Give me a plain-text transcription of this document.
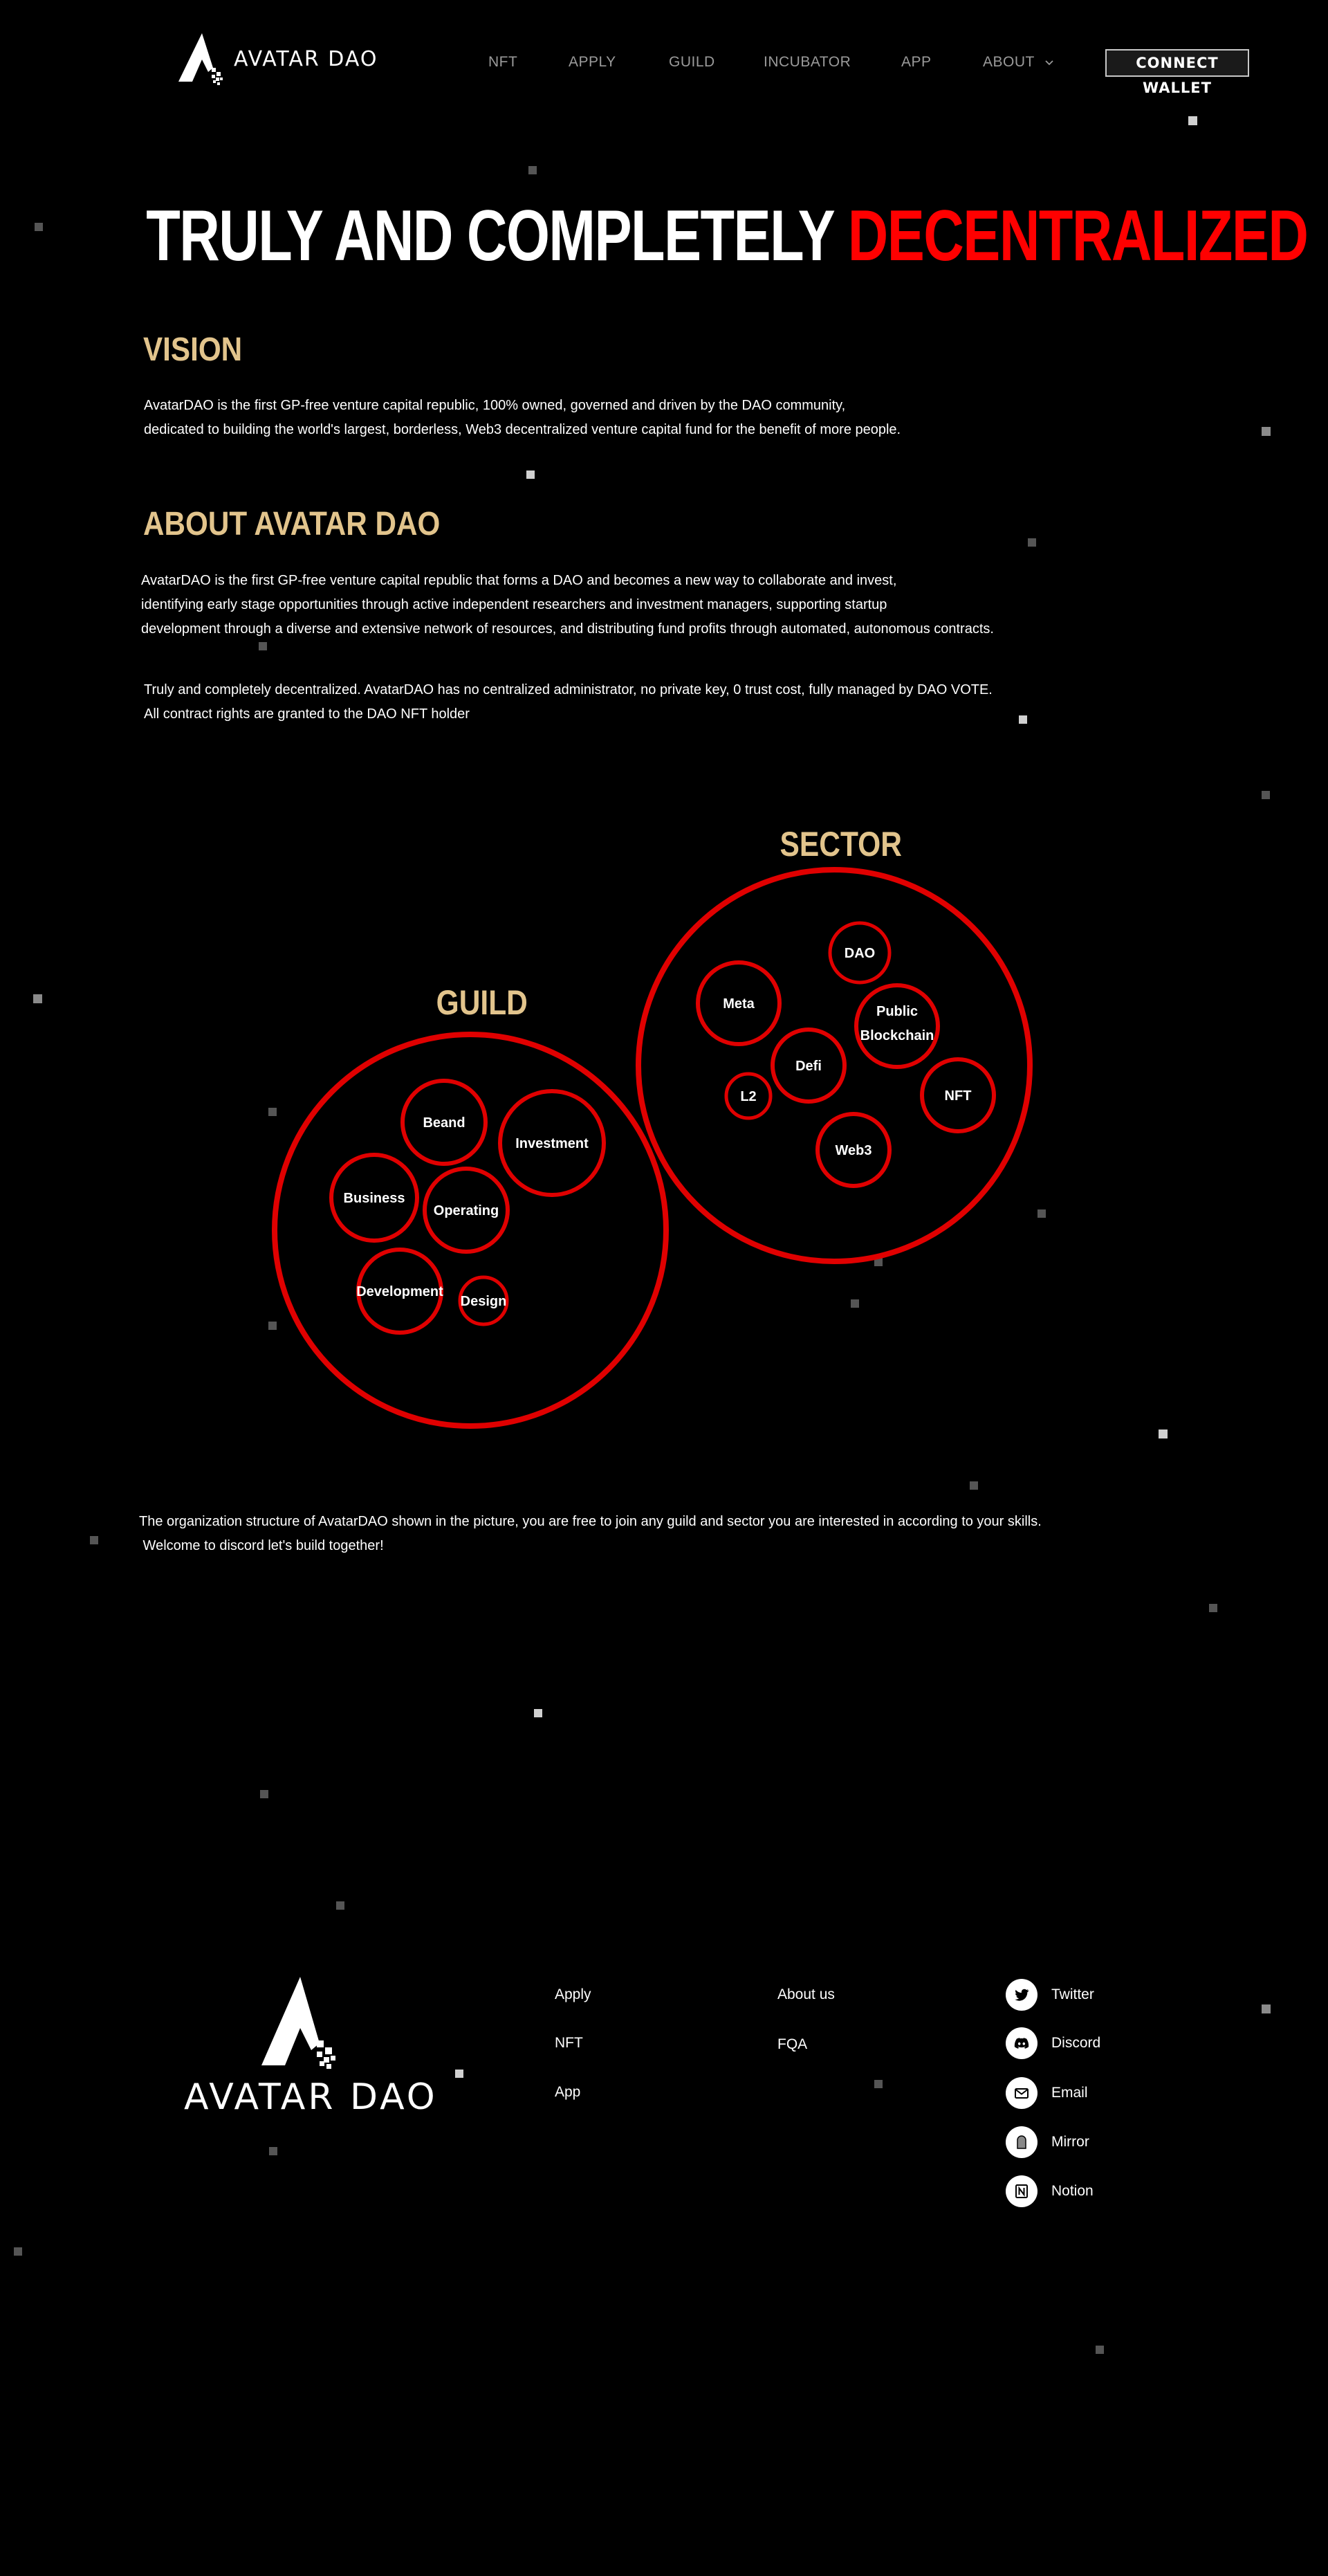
AVATAR DAO	NFT	APPLY	GUILD	INCUBATOR	APP	ABOUT	CONNECT WALLET
TRULY AND COMPLETELY DECENTRALIZED
VISION
AvatarDAO is the first GP-free venture capital republic, 100% owned, governed and driven by the DAO community,
dedicated to building the world's largest, borderless, Web3 decentralized venture capital fund for the benefit of more people.
ABOUT AVATAR DAO
AvatarDAO is the first GP-free venture capital republic that forms a DAO and becomes a new way to collaborate and invest,
identifying early stage opportunities through active independent researchers and investment managers, supporting startup
development through a diverse and extensive network of resources, and distributing fund profits through automated, autonomous contracts.
Truly and completely decentralized. AvatarDAO has no centralized administrator, no private key, 0 trust cost, fully managed by DAO VOTE.
All contract rights are granted to the DAO NFT holder
GUILD
SECTOR
Beand
Investment
Business
Operating
Development
Design
DAO
Meta	Public
Blockchain
Defi
L2	NFT
Web3
The organization structure of AvatarDAO shown in the picture, you are free to join any guild and sector you are interested in according to your skills.
Welcome to discord let's build together!
AVATAR DAO
Apply
NFT
App
About us
FQA
Twitter
Discord
Email
Mirror
Notion
